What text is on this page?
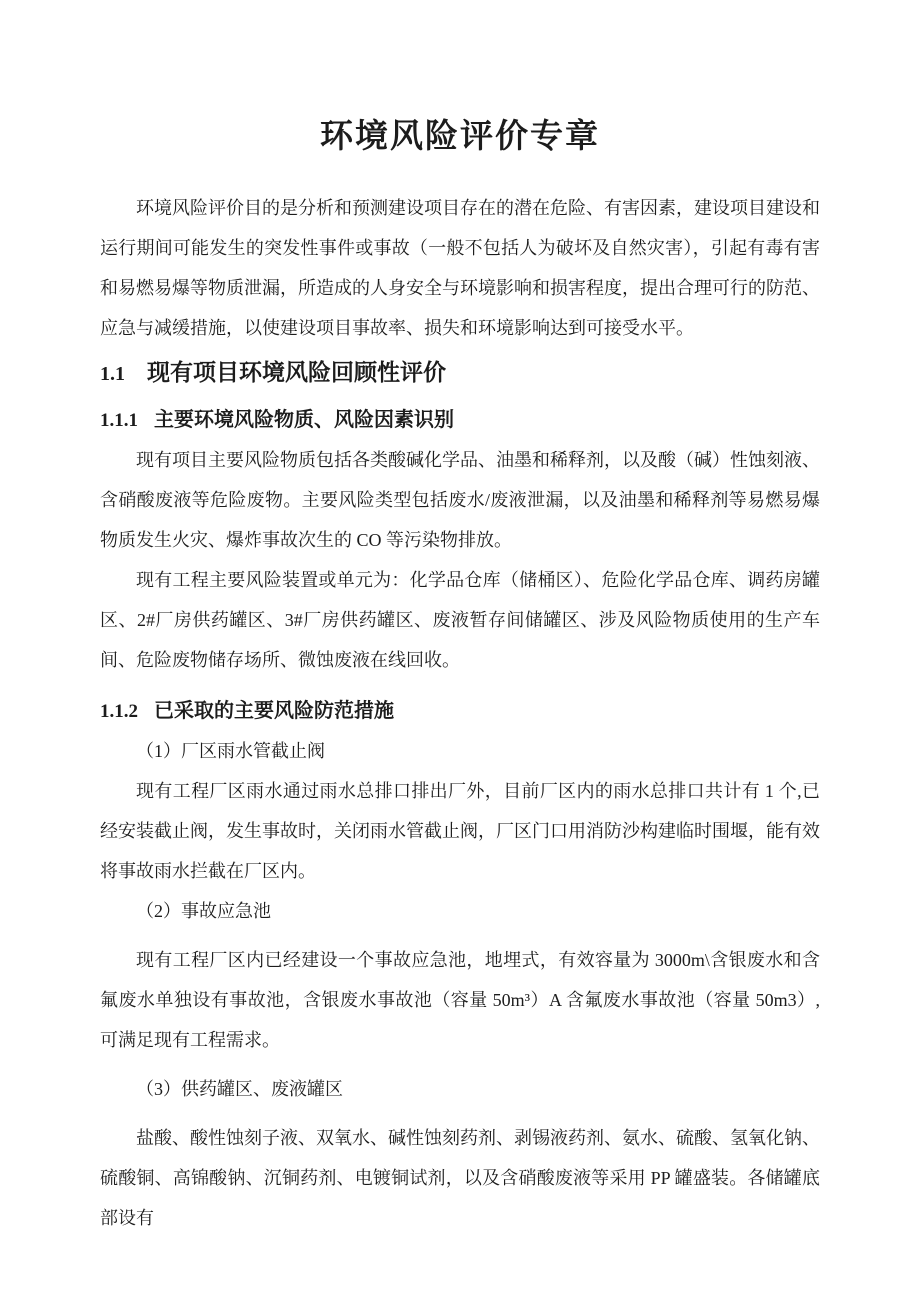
环境风险评价专章

环境风险评价目的是分析和预测建设项目存在的潜在危险、有害因素，建设项目建设和运行期间可能发生的突发性事件或事故（一般不包括人为破坏及自然灾害），引起有毒有害和易燃易爆等物质泄漏，所造成的人身安全与环境影响和损害程度，提出合理可行的防范、应急与减缓措施，以使建设项目事故率、损失和环境影响达到可接受水平。

1.1 现有项目环境风险回顾性评价
1.1.1 主要环境风险物质、风险因素识别

现有项目主要风险物质包括各类酸碱化学品、油墨和稀释剂，以及酸（碱）性蚀刻液、含硝酸废液等危险废物。主要风险类型包括废水/废液泄漏，以及油墨和稀释剂等易燃易爆物质发生火灾、爆炸事故次生的 CO 等污染物排放。

现有工程主要风险装置或单元为：化学品仓库（储桶区）、危险化学品仓库、调药房罐区、2#厂房供药罐区、3#厂房供药罐区、废液暂存间储罐区、涉及风险物质使用的生产车间、危险废物储存场所、微蚀废液在线回收。

1.1.2 已采取的主要风险防范措施

（1）厂区雨水管截止阀

现有工程厂区雨水通过雨水总排口排出厂外，目前厂区内的雨水总排口共计有 1 个,已经安装截止阀，发生事故时，关闭雨水管截止阀，厂区门口用消防沙构建临时围堰，能有效将事故雨水拦截在厂区内。

（2）事故应急池

现有工程厂区内已经建设一个事故应急池，地埋式，有效容量为 3000m\含银废水和含氟废水单独设有事故池，含银废水事故池（容量 50m³）A 含氟废水事故池（容量 50m3）,可满足现有工程需求。

（3）供药罐区、废液罐区

盐酸、酸性蚀刻子液、双氧水、碱性蚀刻药剂、剥锡液药剂、氨水、硫酸、氢氧化钠、硫酸铜、高锦酸钠、沉铜药剂、电镀铜试剂，以及含硝酸废液等采用 PP 罐盛装。各储罐底部设有
